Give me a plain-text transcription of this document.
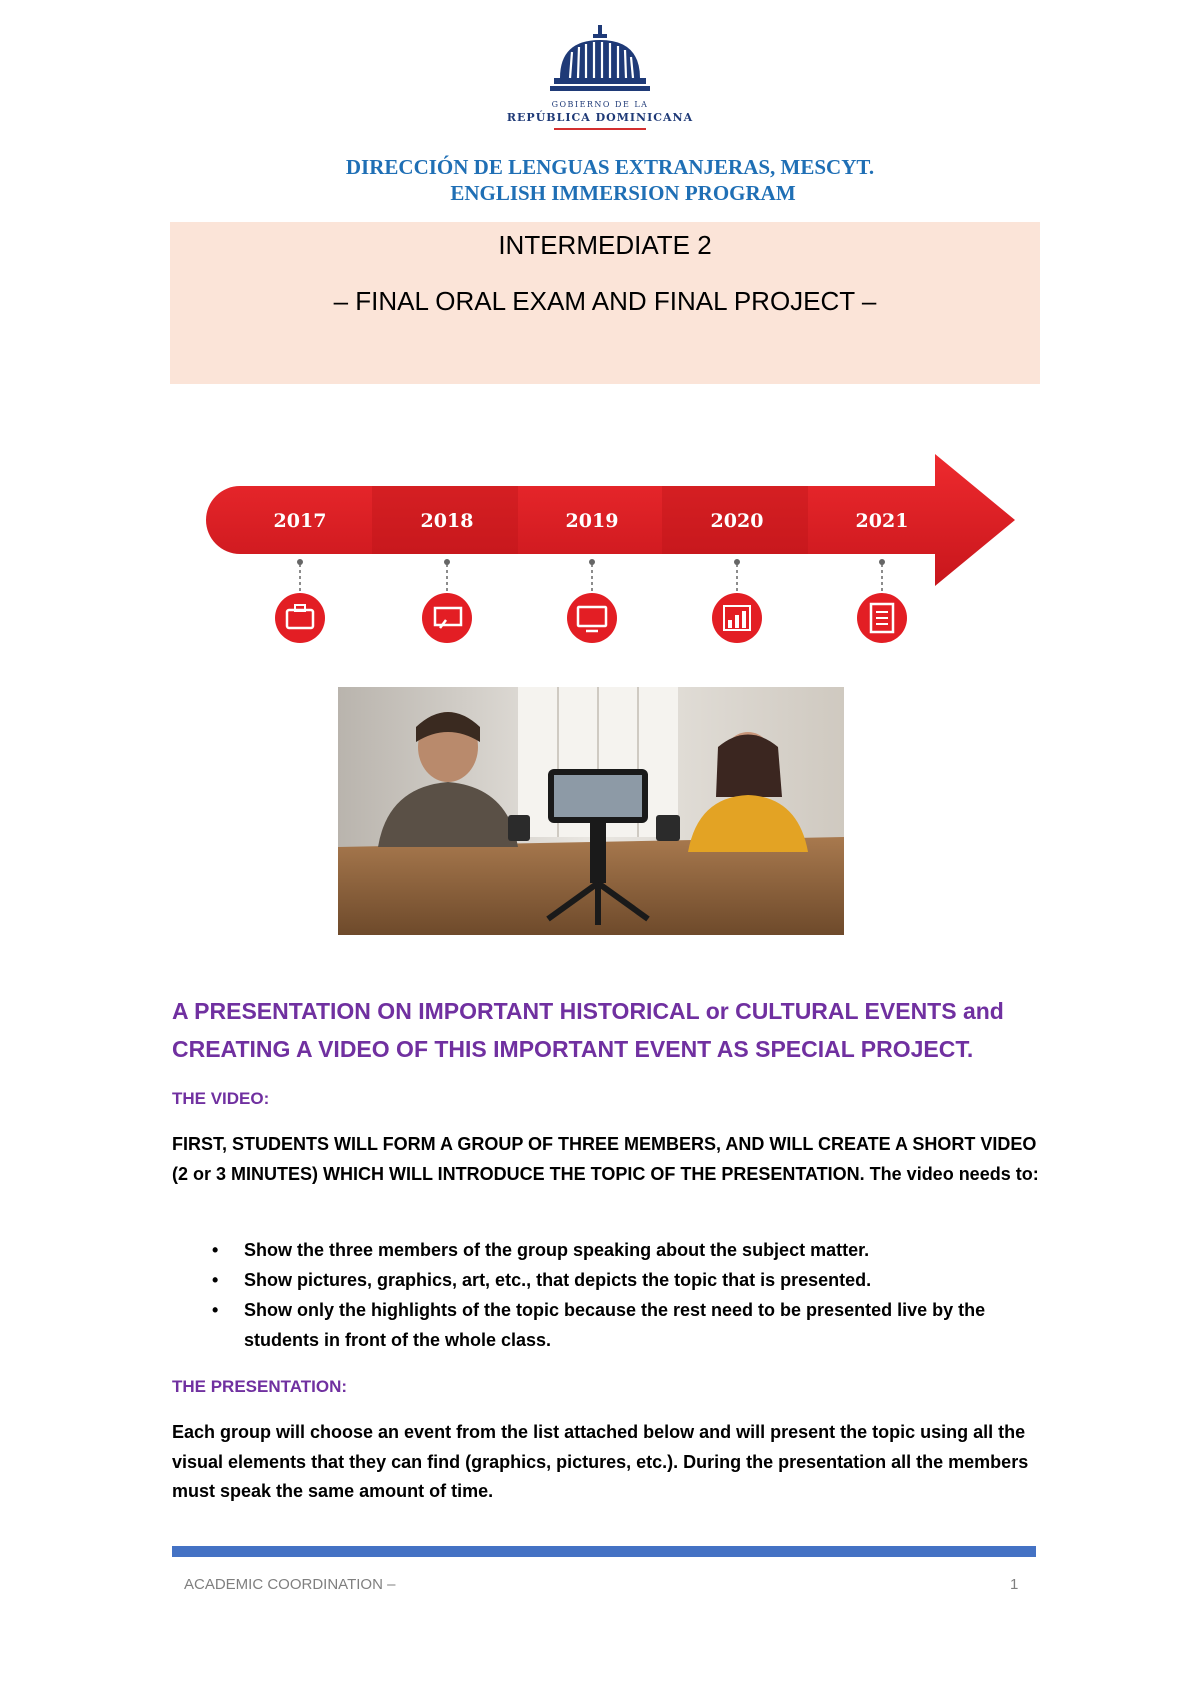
GOBIERNO DE LA
REPÚBLICA DOMINICANA
DIRECCIÓN DE LENGUAS EXTRANJERAS, MESCYT.
ENGLISH IMMERSION PROGRAM
INTERMEDIATE 2
– FINAL ORAL EXAM AND FINAL PROJECT –
2017	2018	2019	2020	2021
A PRESENTATION ON IMPORTANT HISTORICAL or CULTURAL EVENTS and CREATING A VIDEO OF THIS IMPORTANT EVENT AS SPECIAL PROJECT.
THE VIDEO:
FIRST, STUDENTS WILL FORM A GROUP OF THREE MEMBERS, AND WILL CREATE A SHORT VIDEO (2 or 3 MINUTES) WHICH WILL INTRODUCE THE TOPIC OF THE PRESENTATION. The video needs to:
• Show the three members of the group speaking about the subject matter.
• Show pictures, graphics, art, etc., that depicts the topic that is presented.
• Show only the highlights of the topic because the rest need to be presented live by the students in front of the whole class.
THE PRESENTATION:
Each group will choose an event from the list attached below and will present the topic using all the visual elements that they can find (graphics, pictures, etc.). During the presentation all the members must speak the same amount of time.
ACADEMIC COORDINATION –	1
